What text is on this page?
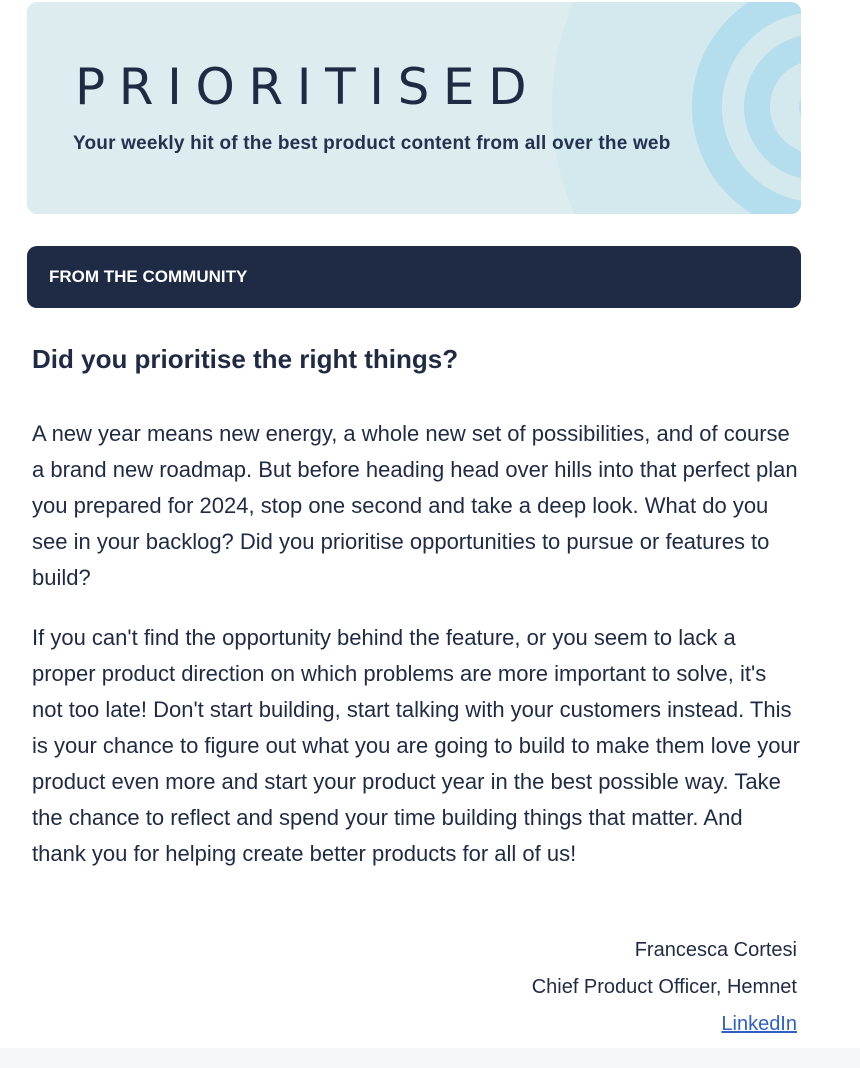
PRIORITISED
Your weekly hit of the best product content from all over the web
FROM THE COMMUNITY
Did you prioritise the right things?

A new year means new energy, a whole new set of possibilities, and of course a brand new roadmap. But before heading head over hills into that perfect plan you prepared for 2024, stop one second and take a deep look. What do you see in your backlog? Did you prioritise opportunities to pursue or features to build?

If you can't find the opportunity behind the feature, or you seem to lack a proper product direction on which problems are more important to solve, it's not too late! Don't start building, start talking with your customers instead. This is your chance to figure out what you are going to build to make them love your product even more and start your product year in the best possible way. Take the chance to reflect and spend your time building things that matter. And thank you for helping create better products for all of us!

Francesca Cortesi
Chief Product Officer, Hemnet
LinkedIn
